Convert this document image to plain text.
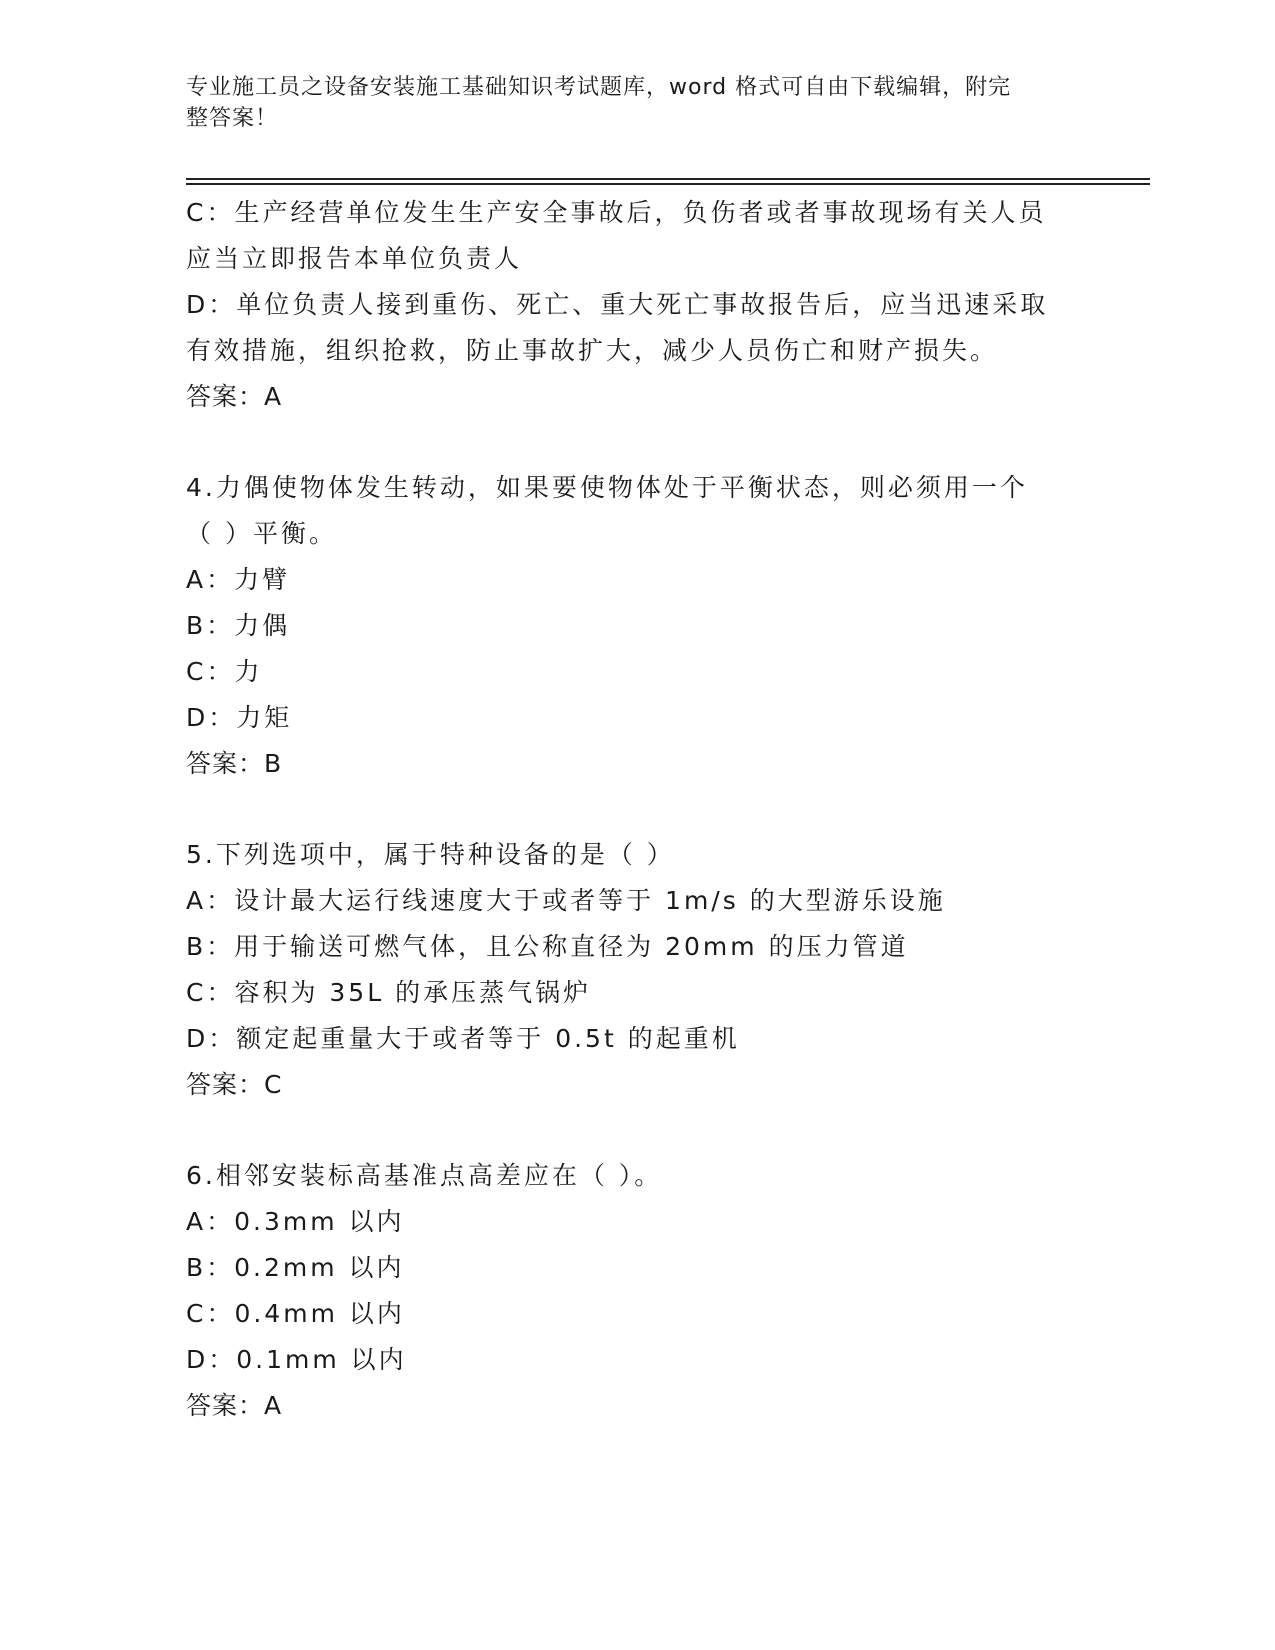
专业施工员之设备安装施工基础知识考试题库，word 格式可自由下载编辑，附完
整答案！
C：生产经营单位发生生产安全事故后，负伤者或者事故现场有关人员
应当立即报告本单位负责人
D：单位负责人接到重伤、死亡、重大死亡事故报告后，应当迅速采取
有效措施，组织抢救，防止事故扩大，减少人员伤亡和财产损失。
答案：A
4.力偶使物体发生转动，如果要使物体处于平衡状态，则必须用一个
（ ）平衡。
A：力臂
B：力偶
C：力
D：力矩
答案：B
5.下列选项中，属于特种设备的是（ ）
A：设计最大运行线速度大于或者等于 1m/s 的大型游乐设施
B：用于输送可燃气体，且公称直径为 20mm 的压力管道
C：容积为 35L 的承压蒸气锅炉
D：额定起重量大于或者等于 0.5t 的起重机
答案：C
6.相邻安装标高基准点高差应在（ ）。
A：0.3mm 以内
B：0.2mm 以内
C：0.4mm 以内
D：0.1mm 以内
答案：A
